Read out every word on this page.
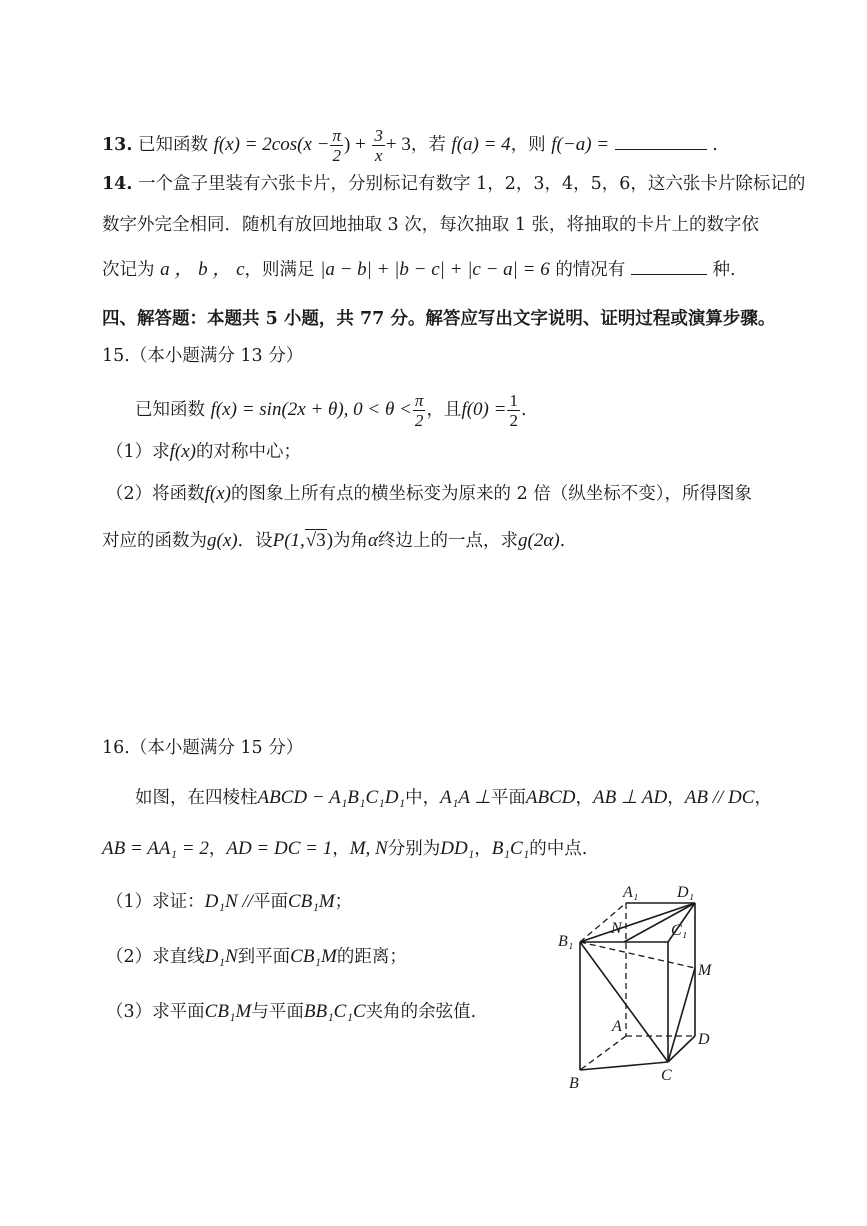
13. 已知函数 $f(x) = 2\cos(x - \frac{\pi}{2}$ ) + $\frac{3}{x} + 3$，若 f(a) = 4，则 f(−a) =	.
14. 一个盒子里装有六张卡片，分别标记有数字 1，2，3，4，5，6，这六张卡片除标记的
数字外完全相同．随机有放回地抽取 3 次，每次抽取 1 张，将抽取的卡片上的数字依
次记为 a ， b ， c，则满足 |a − b| + |b − c| + |c − a| = 6 的情况有	种.
四、解答题：本题共 5 小题，共 77 分。解答应写出文字说明、证明过程或演算步骤。
15.（本小题满分 13 分）
已知函数 f(x) = sin(2x + θ), $0 < \theta < \frac{\pi}{2}$ ，且$f(0) = \frac{1}{2}$ .
（1）求f(x)的对称中心；
（2）将函数f(x)的图象上所有点的横坐标变为原来的 2 倍（纵坐标不变），所得图象
对应的函数为g(x)．设P(1,√3)为角α终边上的一点，求g(2α).
16.（本小题满分 15 分）
如图，在四棱柱ABCD − A₁B₁C₁D₁中，A₁A ⊥平面ABCD，AB ⊥ AD，AB // DC，
AB = AA₁ = 2，AD = DC = 1，M, N分别为DD₁，B₁C₁的中点.
（1）求证：D₁N //平面CB₁M；
（2）求直线D₁N到平面CB₁M的距离；
（3）求平面CB₁M与平面BB₁C₁C夹角的余弦值.
A₁ D₁
N	C₁
B₁
M
A
D
C
B
